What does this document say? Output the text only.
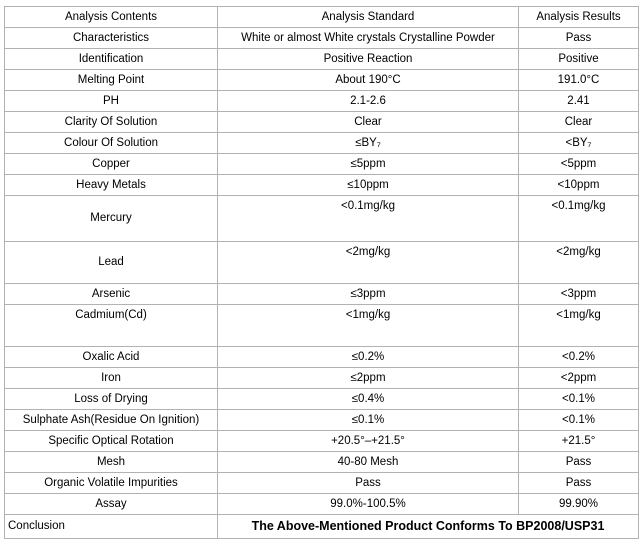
Analysis Contents	Analysis Standard	Analysis Results
Characteristics	White or almost White crystals Crystalline Powder	Pass
Identification	Positive Reaction	Positive
Melting Point	About 190°C	191.0°C
PH	2.1-2.6	2.41
Clarity Of Solution	Clear	Clear
Colour Of Solution	≤BY₇	<BY₇
Copper	≤5ppm	<5ppm
Heavy Metals	≤10ppm	<10ppm
Mercury	<0.1mg/kg	<0.1mg/kg
Lead	<2mg/kg	<2mg/kg
Arsenic	≤3ppm	<3ppm
Cadmium(Cd)	<1mg/kg	<1mg/kg
Oxalic Acid	≤0.2%	<0.2%
Iron	≤2ppm	<2ppm
Loss of Drying	≤0.4%	<0.1%
Sulphate Ash(Residue On Ignition)	≤0.1%	<0.1%
Specific Optical Rotation	+20.5°–+21.5°	+21.5°
Mesh	40-80 Mesh	Pass
Organic Volatile Impurities	Pass	Pass
Assay	99.0%-100.5%	99.90%
Conclusion	The Above-Mentioned Product Conforms To BP2008/USP31	
